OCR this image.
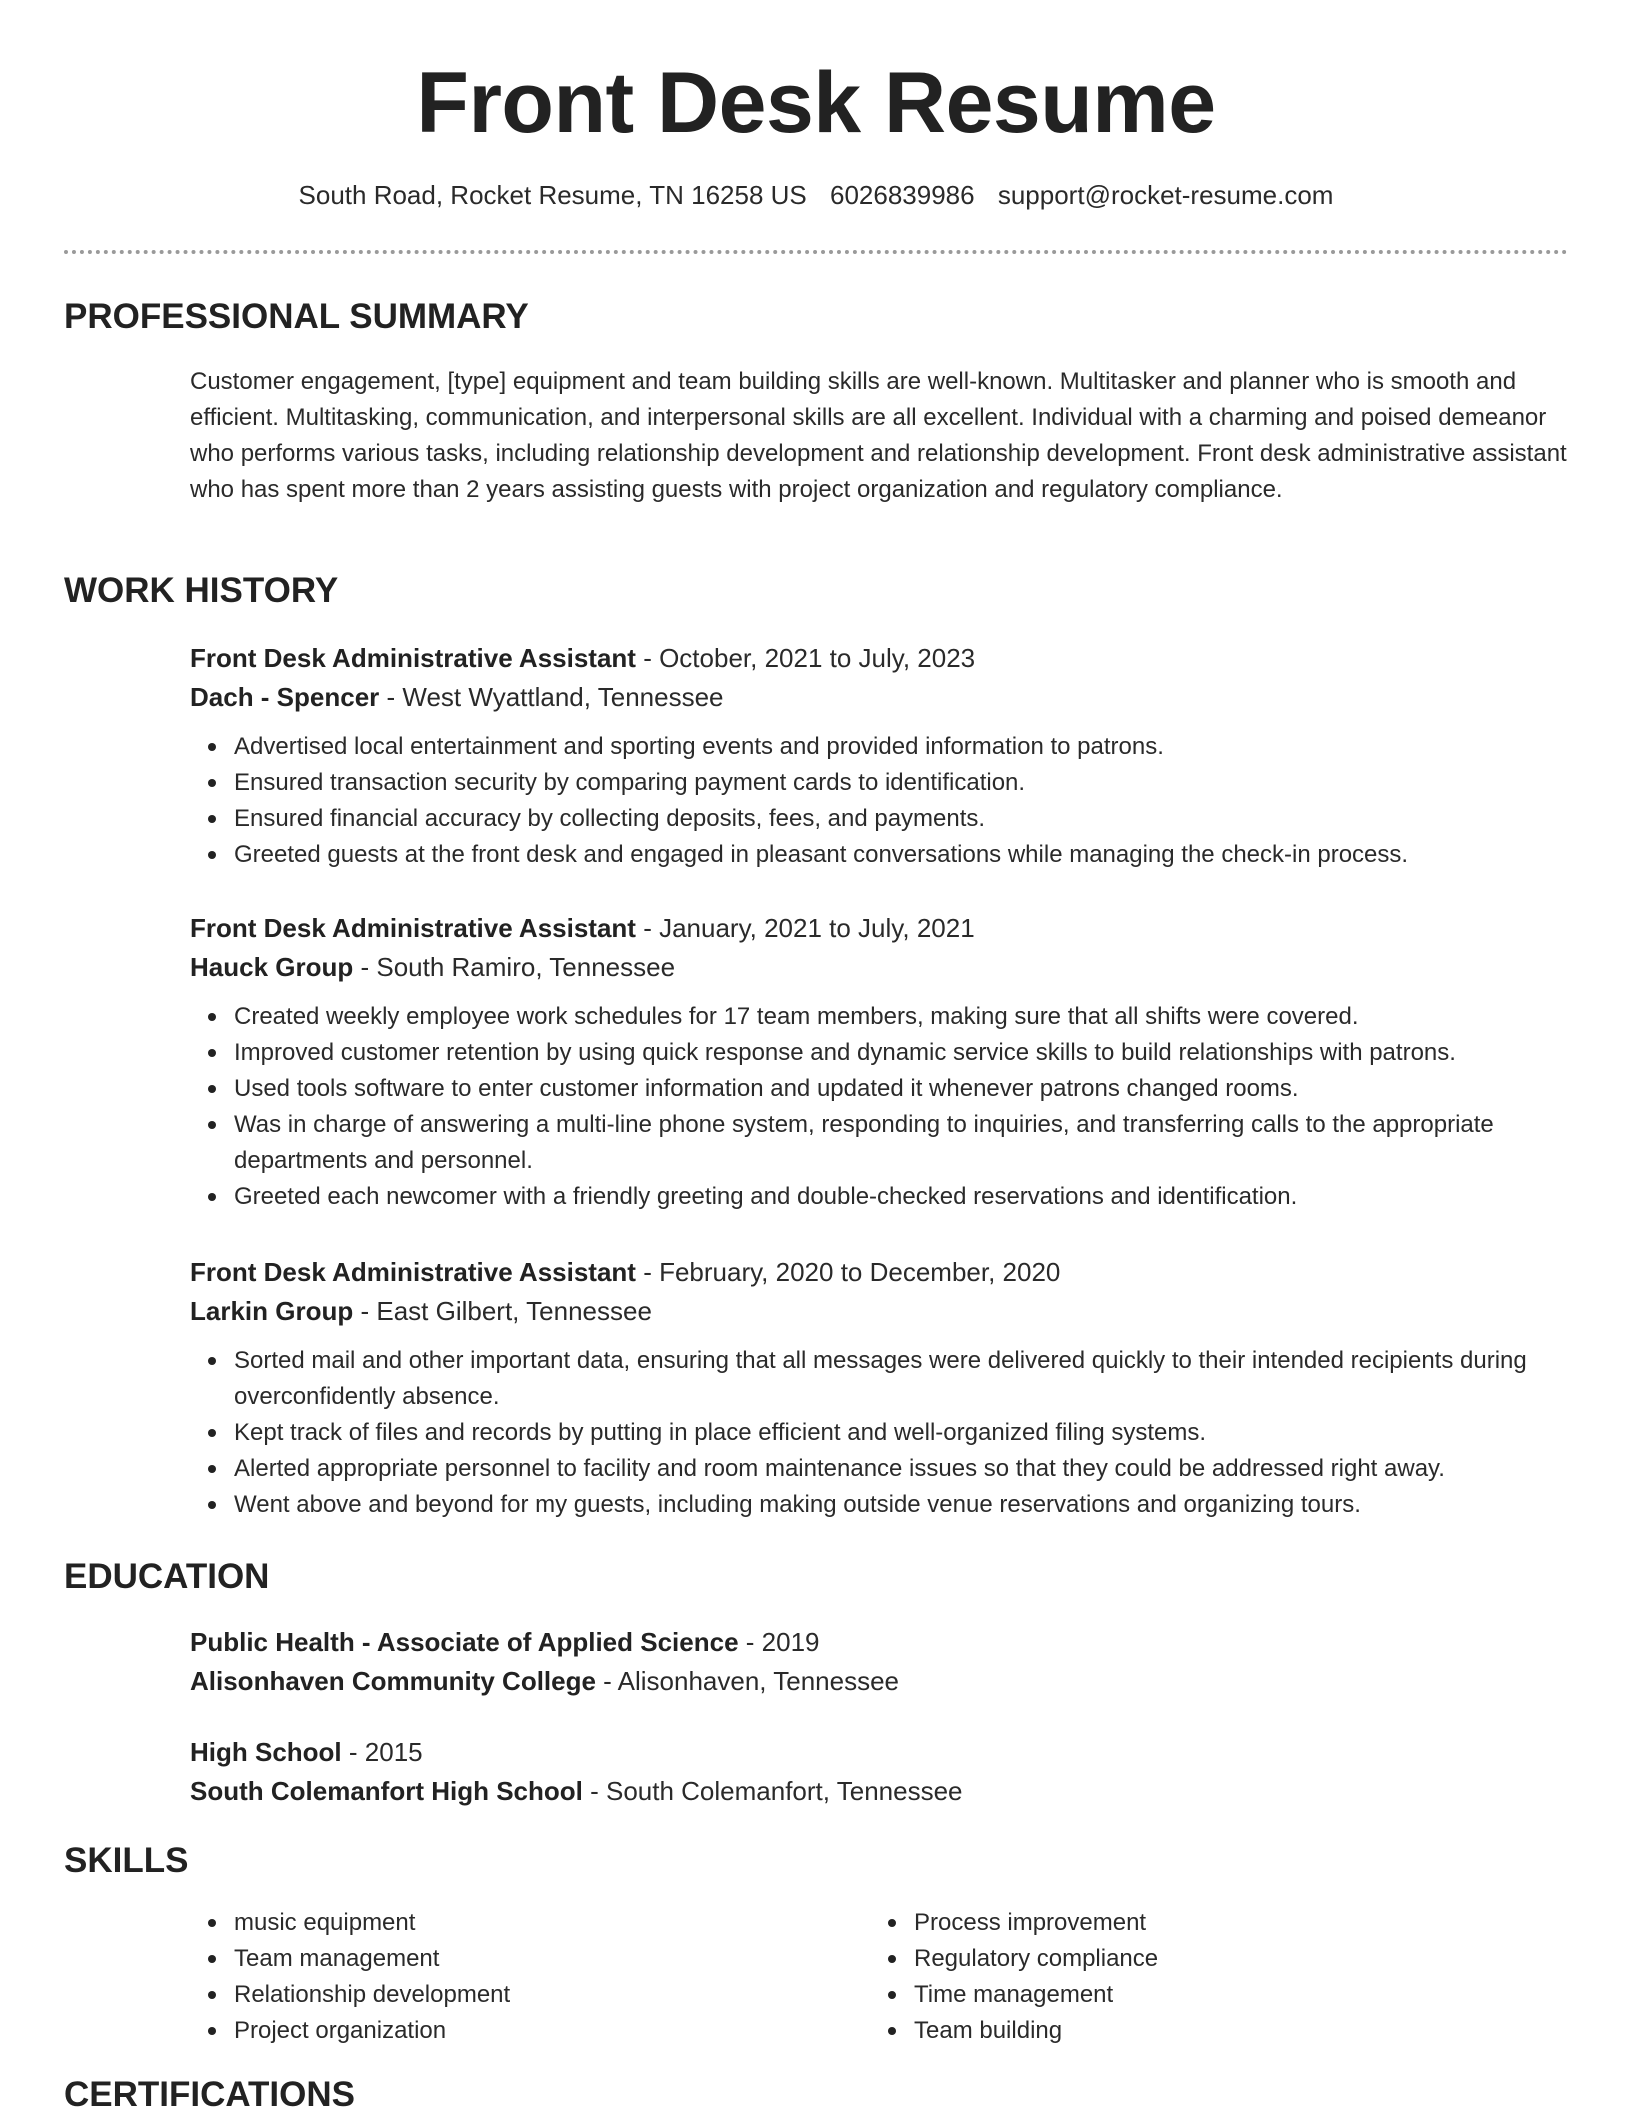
Front Desk Resume
South Road, Rocket Resume, TN 16258 US 6026839986 support@rocket-resume.com
PROFESSIONAL SUMMARY
Customer engagement, [type] equipment and team building skills are well-known. Multitasker and planner who is smooth and efficient. Multitasking, communication, and interpersonal skills are all excellent. Individual with a charming and poised demeanor who performs various tasks, including relationship development and relationship development. Front desk administrative assistant who has spent more than 2 years assisting guests with project organization and regulatory compliance.
WORK HISTORY
Front Desk Administrative Assistant - October, 2021 to July, 2023
Dach - Spencer - West Wyattland, Tennessee
Advertised local entertainment and sporting events and provided information to patrons.
Ensured transaction security by comparing payment cards to identification.
Ensured financial accuracy by collecting deposits, fees, and payments.
Greeted guests at the front desk and engaged in pleasant conversations while managing the check-in process.
Front Desk Administrative Assistant - January, 2021 to July, 2021
Hauck Group - South Ramiro, Tennessee
Created weekly employee work schedules for 17 team members, making sure that all shifts were covered.
Improved customer retention by using quick response and dynamic service skills to build relationships with patrons.
Used tools software to enter customer information and updated it whenever patrons changed rooms.
Was in charge of answering a multi-line phone system, responding to inquiries, and transferring calls to the appropriate departments and personnel.
Greeted each newcomer with a friendly greeting and double-checked reservations and identification.
Front Desk Administrative Assistant - February, 2020 to December, 2020
Larkin Group - East Gilbert, Tennessee
Sorted mail and other important data, ensuring that all messages were delivered quickly to their intended recipients during overconfidently absence.
Kept track of files and records by putting in place efficient and well-organized filing systems.
Alerted appropriate personnel to facility and room maintenance issues so that they could be addressed right away.
Went above and beyond for my guests, including making outside venue reservations and organizing tours.
EDUCATION
Public Health - Associate of Applied Science - 2019
Alisonhaven Community College - Alisonhaven, Tennessee
High School - 2015
South Colemanfort High School - South Colemanfort, Tennessee
SKILLS
music equipment
Team management
Relationship development
Project organization
Process improvement
Regulatory compliance
Time management
Team building
CERTIFICATIONS
